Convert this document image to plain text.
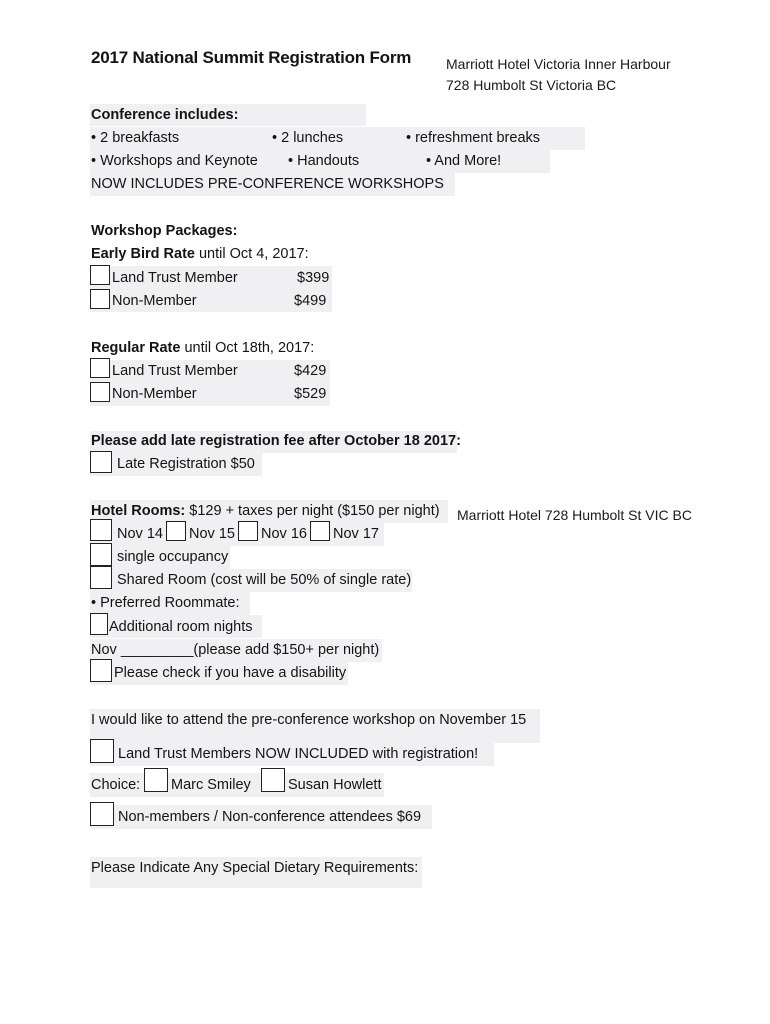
2017 National Summit Registration Form Marriott Hotel Victoria Inner Harbour
728 Humbolt St Victoria BC
Conference includes:
• 2 breakfasts	• 2 lunches	• refreshment breaks
• Workshops and Keynote • Handouts	• And More!
NOW INCLUDES PRE-CONFERENCE WORKSHOPS
Workshop Packages:
Early Bird Rate until Oct 4, 2017:
Land Trust Member	$399
Non-Member	$499
Regular Rate until Oct 18th, 2017:
Land Trust Member	$429
Non-Member	$529
Please add late registration fee after October 18 2017:
Late Registration $50
Hotel Rooms: $129 + taxes per night ($150 per night) Marriott Hotel 728 Humbolt St VIC BC
Nov 14 Nov 15 Nov 16 Nov 17
single occupancy
Shared Room (cost will be 50% of single rate)
• Preferred Roommate:
Additional room nights
Nov _________(please add $150+ per night)
Please check if you have a disability
I would like to attend the pre-conference workshop on November 15
Land Trust Members NOW INCLUDED with registration!
Choice: Marc Smiley	Susan Howlett
Non-members / Non-conference attendees $69
Please Indicate Any Special Dietary Requirements:
